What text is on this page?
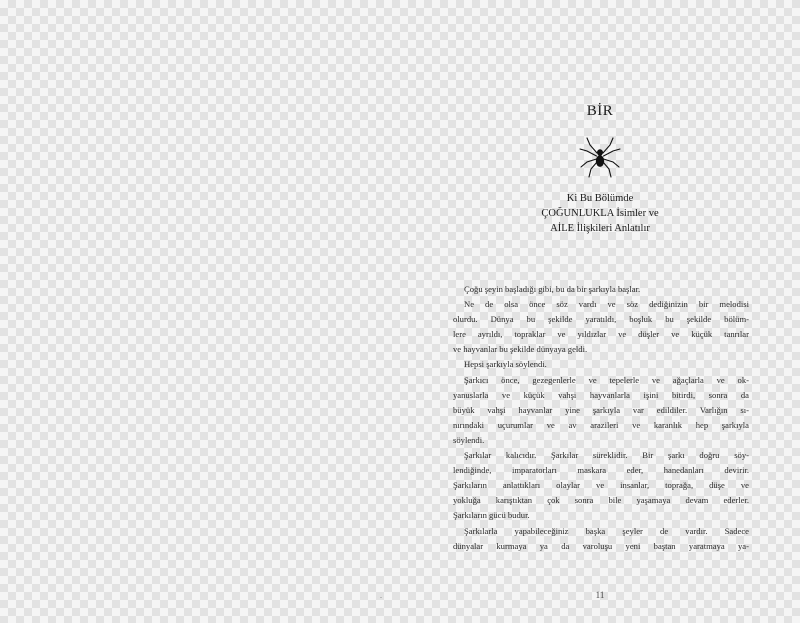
BİR
Ki Bu Bölümde
ÇOĞUNLUKLA İsimler ve
AİLE İlişkileri Anlatılır
Çoğu şeyin başladığı gibi, bu da bir şarkıyla başlar.
Ne de olsa önce söz vardı ve söz dediğinizin bir melodisi
olurdu. Dünya bu şekilde yaratıldı, boşluk bu şekilde bölüm-
lere ayrıldı, topraklar ve yıldızlar ve düşler ve küçük tanrılar
ve hayvanlar bu şekilde dünyaya geldi.
Hepsi şarkıyla söylendi.
Şarkıcı önce, gezegenlerle ve tepelerle ve ağaçlarla ve ok-
yanuslarla ve küçük vahşi hayvanlarla işini bitirdi, sonra da
büyük vahşi hayvanlar yine şarkıyla var edildiler. Varlığın sı-
nırındaki uçurumlar ve av arazileri ve karanlık hep şarkıyla
söylendi.
Şarkılar kalıcıdır. Şarkılar süreklidir. Bir şarkı doğru söy-
lendiğinde, imparatorları maskara eder, hanedanları devirir.
Şarkıların anlattıkları olaylar ve insanlar, toprağa, düşe ve
yokluğa karıştıktan çok sonra bile yaşamaya devam ederler.
Şarkıların gücü budur.
Şarkılarla yapabileceğiniz başka şeyler de vardır. Sadece
dünyalar kurmaya ya da varoluşu yeni baştan yaratmaya ya-
.	11
